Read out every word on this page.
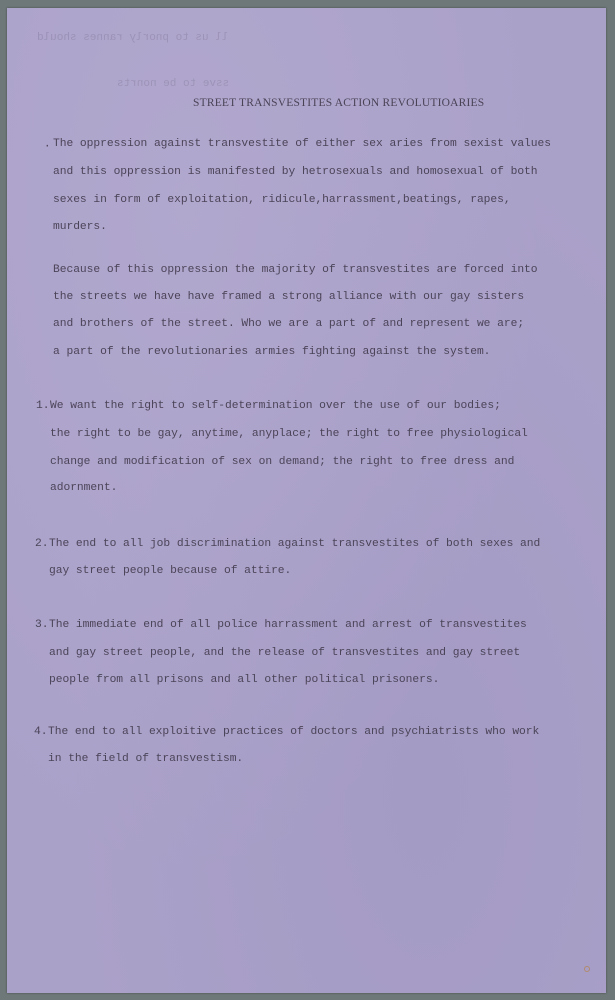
ll us to pnorly rannes should
ssve to be nonrts
STREET TRANSVESTITES ACTION REVOLUTIOARIES
· The oppression against transvestite of either sex aries from sexist values
and this oppression is manifested by hetrosexuals and homosexual of both
sexes in form of exploitation, ridicule,harrassment,beatings, rapes,
murders.
Because of this oppression the majority of transvestites are forced into
the streets we have have framed a strong alliance with our gay sisters
and brothers of the street. Who we are a part of and represent we are;
a part of the revolutionaries armies fighting against the system.
1. We want the right to self-determination over the use of our bodies;
the right to be gay, anytime, anyplace; the right to free physiological
change and modification of sex on demand; the right to free dress and
adornment.
2. The end to all job discrimination against transvestites of both sexes and
gay street people because of attire.
3. The immediate end of all police harrassment and arrest of transvestites
and gay street people, and the release of transvestites and gay street
people from all prisons and all other political prisoners.
4. The end to all exploitive practices of doctors and psychiatrists who work
in the field of transvestism.
